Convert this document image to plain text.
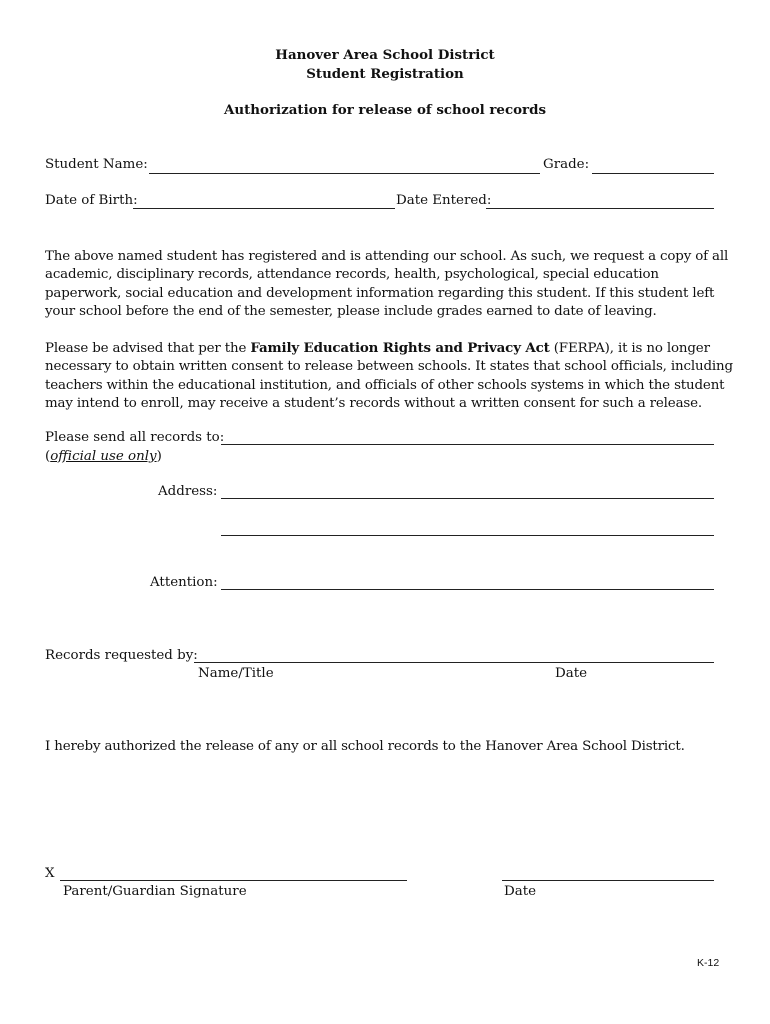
Hanover Area School District
Student Registration
Authorization for release of school records
Student Name:	Grade:
Date of Birth:	Date Entered:

The above named student has registered and is attending our school. As such, we request a copy of all academic, disciplinary records, attendance records, health, psychological, special education paperwork, social education and development information regarding this student. If this student left your school before the end of the semester, please include grades earned to date of leaving.

Please be advised that per the Family Education Rights and Privacy Act (FERPA), it is no longer necessary to obtain written consent to release between schools. It states that school officials, including teachers within the educational institution, and officials of other schools systems in which the student may intend to enroll, may receive a student’s records without a written consent for such a release.

Please send all records to:
(official use only)
Address:
Attention:
Records requested by:
Name/Title	Date
I hereby authorized the release of any or all school records to the Hanover Area School District.
X
Parent/Guardian Signature	Date
K-12
